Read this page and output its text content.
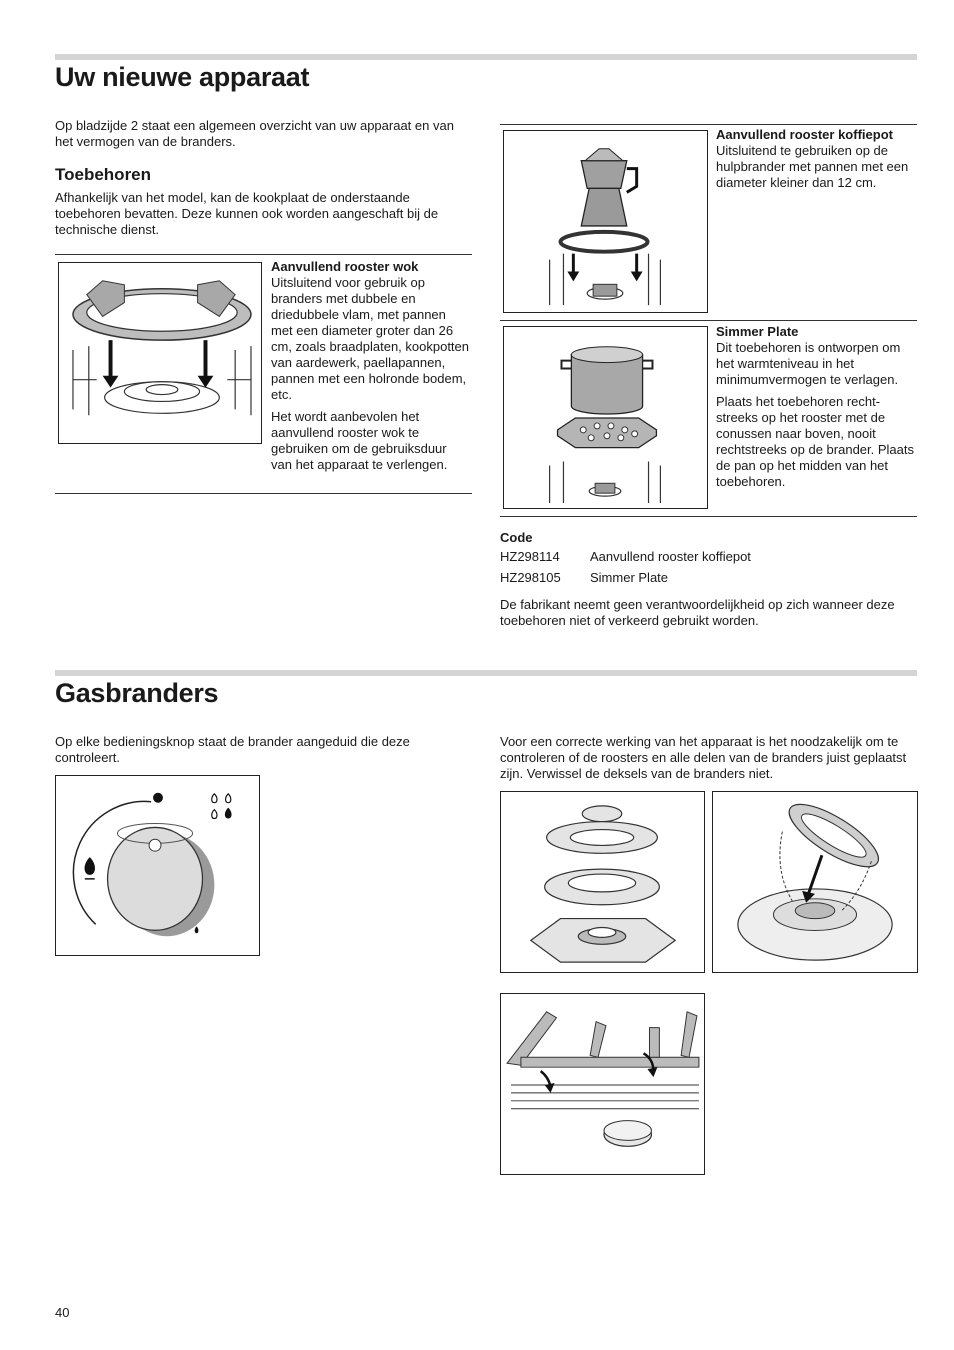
Uw nieuwe apparaat

Op bladzijde 2 staat een algemeen overzicht van uw apparaat en van het vermogen van de branders.

Toebehoren

Afhankelijk van het model, kan de kookplaat de onderstaande toebehoren bevatten. Deze kunnen ook worden aangeschaft bij de technische dienst.

Aanvullend rooster wok
Uitsluitend voor gebruik op branders met dubbele en driedubbele vlam, met pannen met een diameter groter dan 26 cm, zoals braadplaten, kookpotten van aardewerk, paellapannen, pannen met een holronde bodem, etc.
Het wordt aanbevolen het aanvullend rooster wok te gebruiken om de gebruiksduur van het apparaat te verlengen.
Aanvullend rooster koffiepot
Uitsluitend te gebruiken op de hulpbrander met pannen met een diameter kleiner dan 12 cm.
Simmer Plate
Dit toebehoren is ontworpen om het warmteniveau in het minimumvermogen te verlagen.
Plaats het toebehoren rechtstreeks op het rooster met de conussen naar boven, nooit rechtstreeks op de brander. Plaats de pan op het midden van het toebehoren.
Code
HZ298114 Aanvullend rooster koffiepot
HZ298105 Simmer Plate

De fabrikant neemt geen verantwoordelijkheid op zich wanneer deze toebehoren niet of verkeerd gebruikt worden.

Gasbranders

Op elke bedieningsknop staat de brander aangeduid die deze controleert.

Voor een correcte werking van het apparaat is het noodzakelijk om te controleren of de roosters en alle delen van de branders juist geplaatst zijn. Verwissel de deksels van de branders niet.

40
